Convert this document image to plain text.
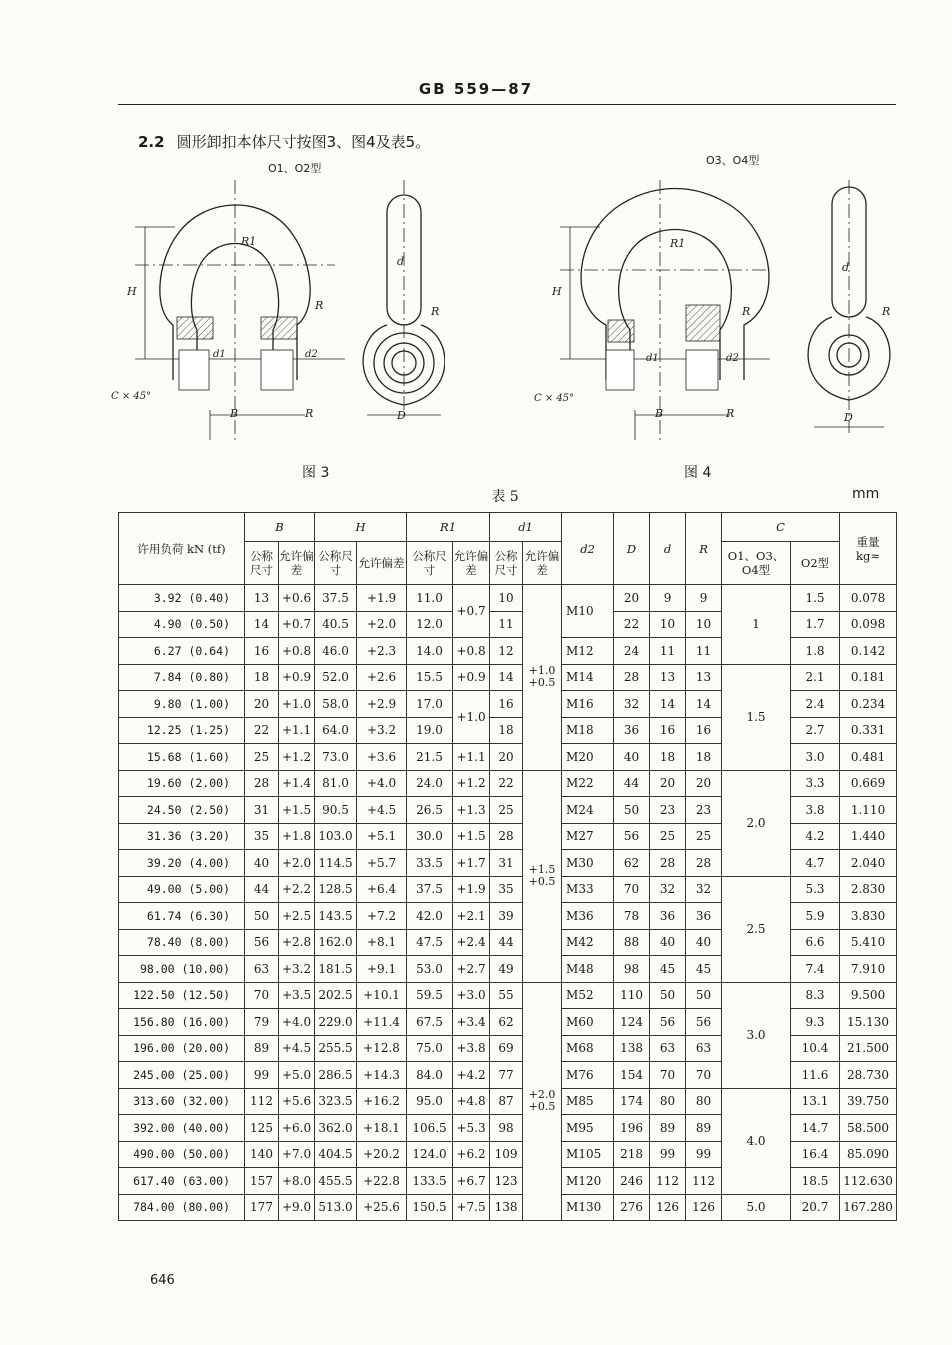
GB 559—87
2.2 圆形卸扣本体尺寸按图3、图4及表5。
O1、O2型
R1
R
H
B	R
d1	d2
d
R
D
C × 45°
图 3
O3、O4型
R1
R
H
B	R
d1	d2
d
R
D
C × 45°
图 4
表 5	mm
许用负荷 kN (tf)	B		H		R1		d1		d2	D	d	R	C		重量 kg≈
	公称尺寸	允许偏差	公称尺寸	允许偏差	公称尺寸	允许偏差	公称尺寸	允许偏差					O1、O3、O4型	O2型	
3.92 (0.40)	13	+0.6	37.5	+1.9	11.0	+0.7	10	+1.0 +0.5	M10	20	9	9	1	1.5	0.078
4.90 (0.50)	14	+0.7	40.5	+2.0	12.0		11			22	10	10		1.7	0.098
6.27 (0.64)	16	+0.8	46.0	+2.3	14.0	+0.8	12		M12	24	11	11		1.8	0.142
7.84 (0.80)	18	+0.9	52.0	+2.6	15.5	+0.9	14		M14	28	13	13	1.5	2.1	0.181
9.80 (1.00)	20	+1.0	58.0	+2.9	17.0	+1.0	16		M16	32	14	14		2.4	0.234
12.25 (1.25)	22	+1.1	64.0	+3.2	19.0		18		M18	36	16	16		2.7	0.331
15.68 (1.60)	25	+1.2	73.0	+3.6	21.5	+1.1	20		M20	40	18	18		3.0	0.481
19.60 (2.00)	28	+1.4	81.0	+4.0	24.0	+1.2	22	+1.5 +0.5	M22	44	20	20	2.0	3.3	0.669
24.50 (2.50)	31	+1.5	90.5	+4.5	26.5	+1.3	25		M24	50	23	23		3.8	1.110
31.36 (3.20)	35	+1.8	103.0	+5.1	30.0	+1.5	28		M27	56	25	25		4.2	1.440
39.20 (4.00)	40	+2.0	114.5	+5.7	33.5	+1.7	31		M30	62	28	28		4.7	2.040
49.00 (5.00)	44	+2.2	128.5	+6.4	37.5	+1.9	35		M33	70	32	32	2.5	5.3	2.830
61.74 (6.30)	50	+2.5	143.5	+7.2	42.0	+2.1	39		M36	78	36	36		5.9	3.830
78.40 (8.00)	56	+2.8	162.0	+8.1	47.5	+2.4	44		M42	88	40	40		6.6	5.410
98.00 (10.00)	63	+3.2	181.5	+9.1	53.0	+2.7	49		M48	98	45	45		7.4	7.910
122.50 (12.50)	70	+3.5	202.5	+10.1	59.5	+3.0	55	+2.0 +0.5	M52	110	50	50	3.0	8.3	9.500
156.80 (16.00)	79	+4.0	229.0	+11.4	67.5	+3.4	62		M60	124	56	56		9.3	15.130
196.00 (20.00)	89	+4.5	255.5	+12.8	75.0	+3.8	69		M68	138	63	63		10.4	21.500
245.00 (25.00)	99	+5.0	286.5	+14.3	84.0	+4.2	77		M76	154	70	70		11.6	28.730
313.60 (32.00)	112	+5.6	323.5	+16.2	95.0	+4.8	87		M85	174	80	80	4.0	13.1	39.750
392.00 (40.00)	125	+6.0	362.0	+18.1	106.5	+5.3	98		M95	196	89	89		14.7	58.500
490.00 (50.00)	140	+7.0	404.5	+20.2	124.0	+6.2	109		M105	218	99	99		16.4	85.090
617.40 (63.00)	157	+8.0	455.5	+22.8	133.5	+6.7	123		M120	246	112	112		18.5	112.630
784.00 (80.00)	177	+9.0	513.0	+25.6	150.5	+7.5	138		M130	276	126	126	5.0	20.7	167.280
646
